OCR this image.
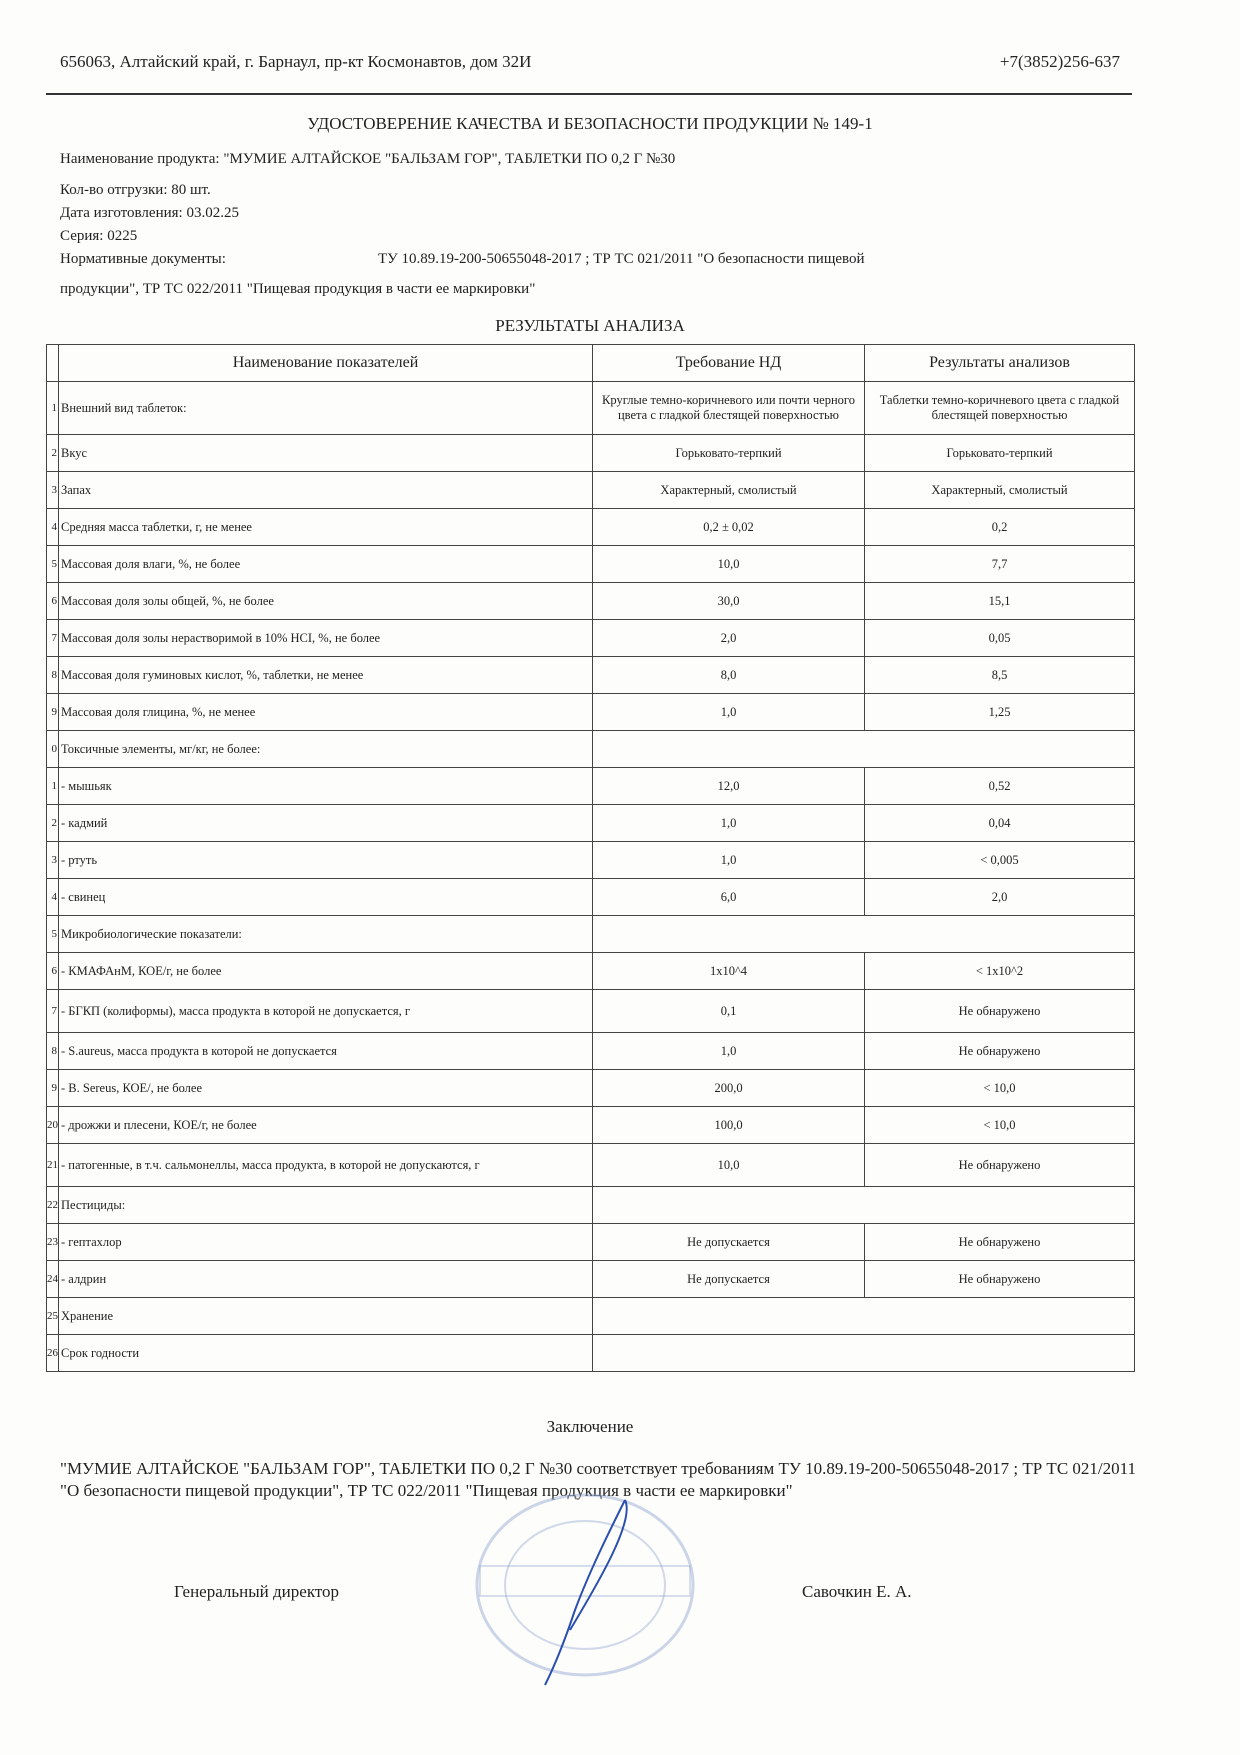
656063, Алтайский край, г. Барнаул, пр-кт Космонавтов, дом 32И	+7(3852)256-637
УДОСТОВЕРЕНИЕ КАЧЕСТВА И БЕЗОПАСНОСТИ ПРОДУКЦИИ № 149-1
Наименование продукта: "МУМИЕ АЛТАЙСКОЕ "БАЛЬЗАМ ГОР", ТАБЛЕТКИ ПО 0,2 Г №30
Кол-во отгрузки: 80 шт.
Дата изготовления: 03.02.25
Серия: 0225
Нормативные документы:	ТУ 10.89.19-200-50655048-2017 ; ТР ТС 021/2011 "О безопасности пищевой
продукции", ТР ТС 022/2011 "Пищевая продукция в части ее маркировки"
РЕЗУЛЬТАТЫ АНАЛИЗА
	Наименование показателей	Требование НД	Результаты анализов
1	Внешний вид таблеток:	Круглые темно-коричневого или почти черного цвета с гладкой блестящей поверхностью	Таблетки темно-коричневого цвета с гладкой блестящей поверхностью
2	Вкус	Горьковато-терпкий	Горьковато-терпкий
3	Запах	Характерный, смолистый	Характерный, смолистый
4	Средняя масса таблетки, г, не менее	0,2 ± 0,02	0,2
5	Массовая доля влаги, %, не более	10,0	7,7
6	Массовая доля золы общей, %, не более	30,0	15,1
7	Массовая доля золы нерастворимой в 10% HCI, %, не более	2,0	0,05
8	Массовая доля гуминовых кислот, %, таблетки, не менее	8,0	8,5
9	Массовая доля глицина, %, не менее	1,0	1,25
0	Токсичные элементы, мг/кг, не более:		
1	- мышьяк	12,0	0,52
2	- кадмий	1,0	0,04
3	- ртуть	1,0	< 0,005
4	- свинец	6,0	2,0
5	Микробиологические показатели:		
6	- КМАФАнМ, КОЕ/г, не более	1x10^4	< 1x10^2
7	- БГКП (колиформы), масса продукта в которой не допускается, г	0,1	Не обнаружено
8	- S.aureus, масса продукта в которой не допускается	1,0	Не обнаружено
9	- B. Sereus, КОЕ/, не более	200,0	< 10,0
20	- дрожжи и плесени, КОЕ/г, не более	100,0	< 10,0
21	- патогенные, в т.ч. сальмонеллы, масса продукта, в которой не допускаются, г	10,0	Не обнаружено
22	Пестициды:		
23	- гептахлор	Не допускается	Не обнаружено
24	- алдрин	Не допускается	Не обнаружено
25	Хранение		
26	Срок годности		
Заключение
"МУМИЕ АЛТАЙСКОЕ "БАЛЬЗАМ ГОР", ТАБЛЕТКИ ПО 0,2 Г №30 соответствует требованиям ТУ 10.89.19-200-50655048-2017 ; ТР ТС 021/2011 "О безопасности пищевой продукции", ТР ТС 022/2011 "Пищевая продукция в части ее маркировки"
Генеральный директор	Савочкин Е. А.
